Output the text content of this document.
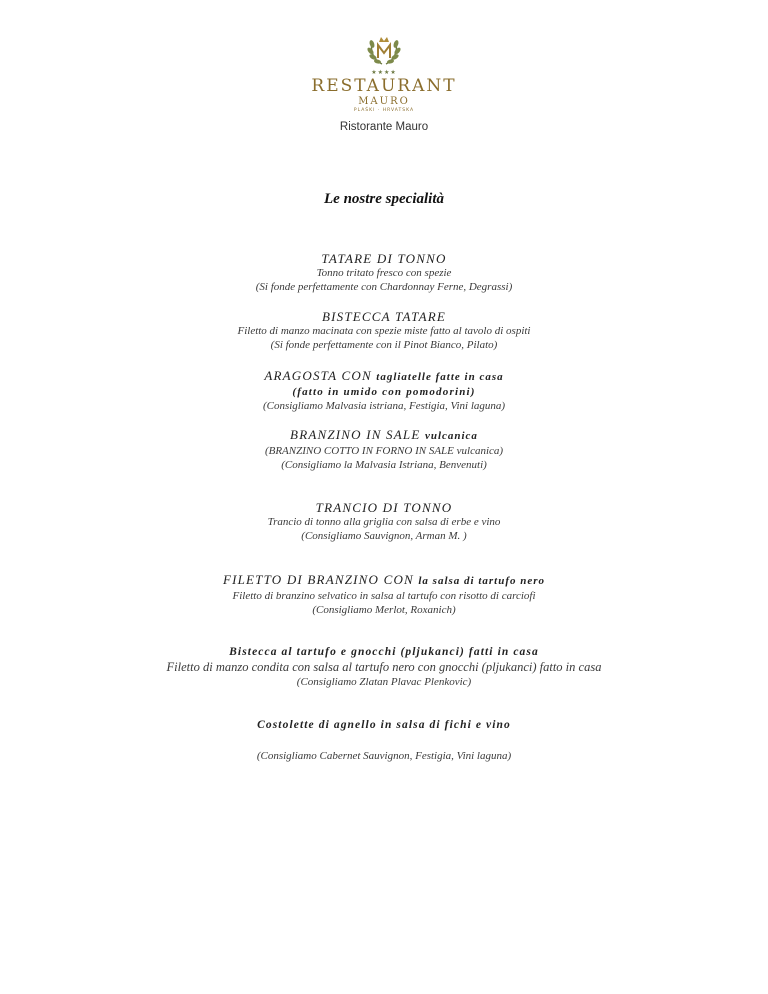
★★★★
RESTAURANT
MAURO
PLAŠKI · HRVATSKA
Ristorante Mauro
Le nostre specialità
TATARE DI TONNO
Tonno tritato fresco con spezie
(Si fonde perfettamente con Chardonnay Ferne, Degrassi)
BISTECCA TATARE
Filetto di manzo macinata con spezie miste fatto al tavolo di ospiti
(Si fonde perfettamente con il Pinot Bianco, Pilato)
ARAGOSTA CON tagliatelle fatte in casa
(fatto in umido con pomodorini)
(Consigliamo Malvasia istriana, Festigia, Vini laguna)
BRANZINO IN SALE vulcanica
(BRANZINO COTTO IN FORNO IN SALE vulcanica)
(Consigliamo la Malvasia Istriana, Benvenuti)
TRANCIO DI TONNO
Trancio di tonno alla griglia con salsa di erbe e vino
(Consigliamo Sauvignon, Arman M. )
FILETTO DI BRANZINO CON la salsa di tartufo nero
Filetto di branzino selvatico in salsa al tartufo con risotto di carciofi
(Consigliamo Merlot, Roxanich)
Bistecca al tartufo e gnocchi (pljukanci) fatti in casa
Filetto di manzo condita con salsa al tartufo nero con gnocchi (pljukanci) fatto in casa
(Consigliamo Zlatan Plavac Plenkovic)
Costolette di agnello in salsa di fichi e vino
(Consigliamo Cabernet Sauvignon, Festigia, Vini laguna)
